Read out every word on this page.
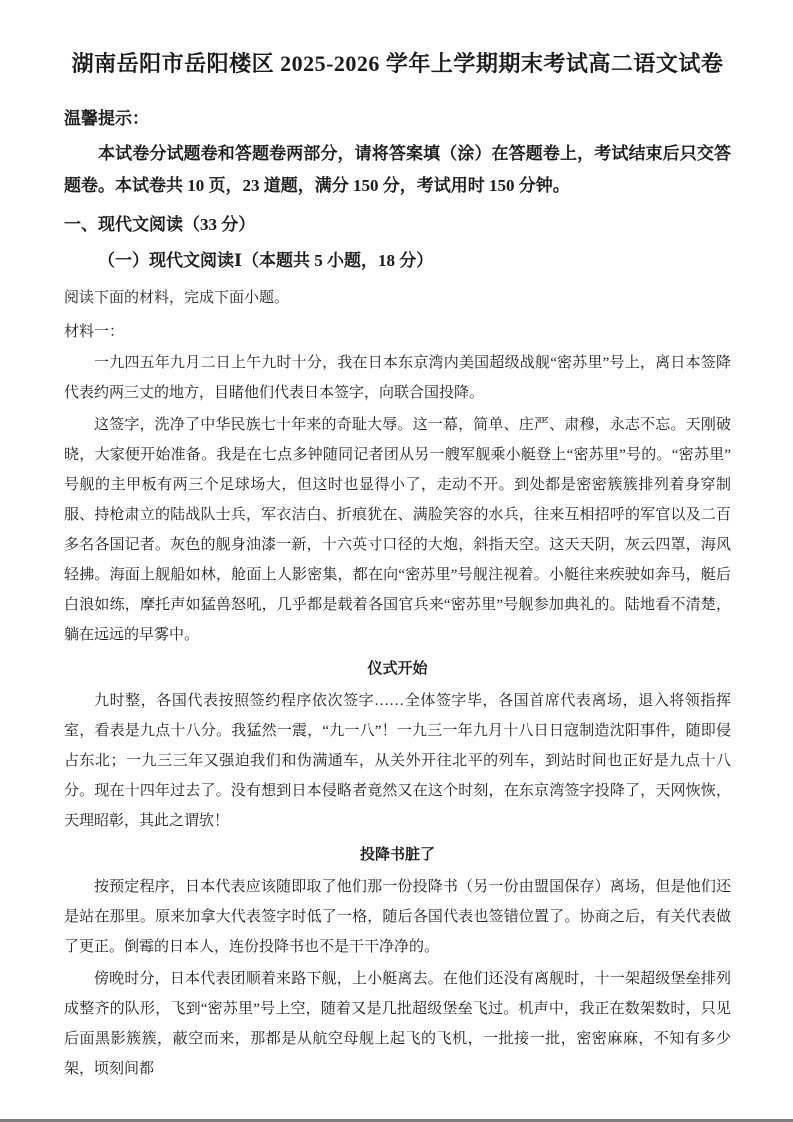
湖南岳阳市岳阳楼区 2025-2026 学年上学期期末考试高二语文试卷
温馨提示：

本试卷分试题卷和答题卷两部分，请将答案填（涂）在答题卷上，考试结束后只交答题卷。本试卷共 10 页，23 道题，满分 150 分，考试用时 150 分钟。

一、现代文阅读（33 分）
（一）现代文阅读Ⅰ（本题共 5 小题，18 分）
阅读下面的材料，完成下面小题。
材料一：

一九四五年九月二日上午九时十分，我在日本东京湾内美国超级战舰“密苏里”号上，离日本签降代表约两三丈的地方，目睹他们代表日本签字，向联合国投降。

这签字，洗净了中华民族七十年来的奇耻大辱。这一幕，简单、庄严、肃穆，永志不忘。天刚破晓，大家便开始准备。我是在七点多钟随同记者团从另一艘军舰乘小艇登上“密苏里”号的。“密苏里”号舰的主甲板有两三个足球场大，但这时也显得小了，走动不开。到处都是密密簇簇排列着身穿制服、持枪肃立的陆战队士兵，军衣洁白、折痕犹在、满脸笑容的水兵，往来互相招呼的军官以及二百多名各国记者。灰色的舰身油漆一新，十六英寸口径的大炮，斜指天空。这天天阴，灰云四罩，海风轻拂。海面上舰船如林，舱面上人影密集，都在向“密苏里”号舰注视着。小艇往来疾驶如奔马，艇后白浪如练，摩托声如猛兽怒吼，几乎都是载着各国官兵来“密苏里”号舰参加典礼的。陆地看不清楚，躺在远远的早雾中。

仪式开始

九时整，各国代表按照签约程序依次签字……全体签字毕，各国首席代表离场，退入将领指挥室，看表是九点十八分。我猛然一震，“九一八”！一九三一年九月十八日日寇制造沈阳事件，随即侵占东北；一九三三年又强迫我们和伪满通车，从关外开往北平的列车，到站时间也正好是九点十八分。现在十四年过去了。没有想到日本侵略者竟然又在这个时刻，在东京湾签字投降了，天网恢恢，天理昭彰，其此之谓欤！

投降书脏了

按预定程序，日本代表应该随即取了他们那一份投降书（另一份由盟国保存）离场，但是他们还是站在那里。原来加拿大代表签字时低了一格，随后各国代表也签错位置了。协商之后，有关代表做了更正。倒霉的日本人，连份投降书也不是干干净净的。

傍晚时分，日本代表团顺着来路下舰，上小艇离去。在他们还没有离舰时，十一架超级堡垒排列成整齐的队形，飞到“密苏里”号上空，随着又是几批超级堡垒飞过。机声中，我正在数架数时，只见后面黑影簇簇，蔽空而来，那都是从航空母舰上起飞的飞机，一批接一批，密密麻麻，不知有多少架，顷刻间都
